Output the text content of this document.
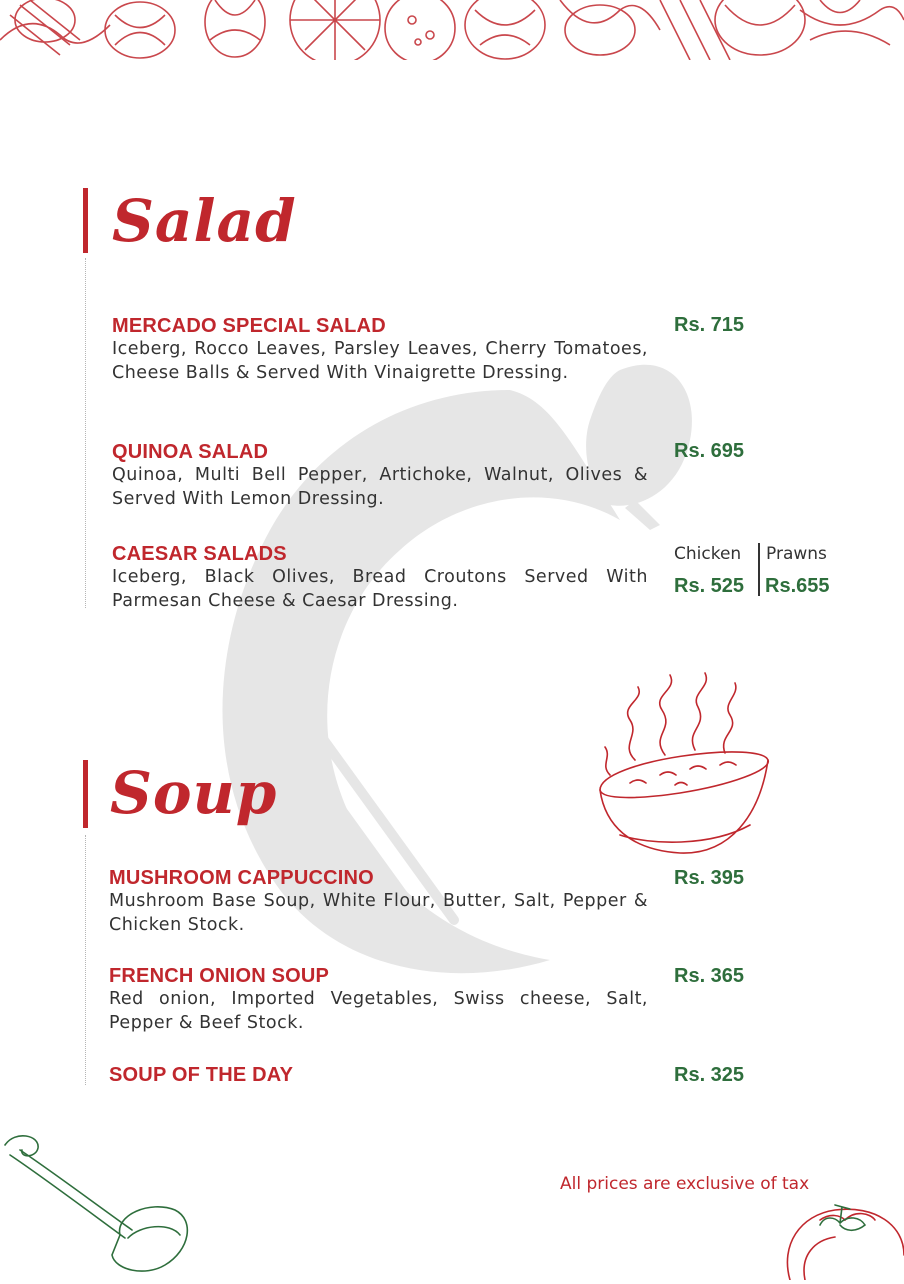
Salad
MERCADO SPECIAL SALAD
Iceberg, Rocco Leaves, Parsley Leaves, Cherry Tomatoes, Cheese Balls & Served With Vinaigrette Dressing.
Rs. 715
QUINOA SALAD
Quinoa, Multi Bell Pepper, Artichoke, Walnut, Olives & Served With Lemon Dressing.
Rs. 695
CAESAR SALADS
Iceberg, Black Olives, Bread Croutons Served With Parmesan Cheese & Caesar Dressing.
Chicken Prawns
Rs. 525 Rs.655
Soup
MUSHROOM CAPPUCCINO
Mushroom Base Soup, White Flour, Butter, Salt, Pepper & Chicken Stock.
Rs. 395
FRENCH ONION SOUP
Red onion, Imported Vegetables, Swiss cheese, Salt, Pepper & Beef Stock.
Rs. 365
SOUP OF THE DAY	Rs. 325
All prices are exclusive of tax
